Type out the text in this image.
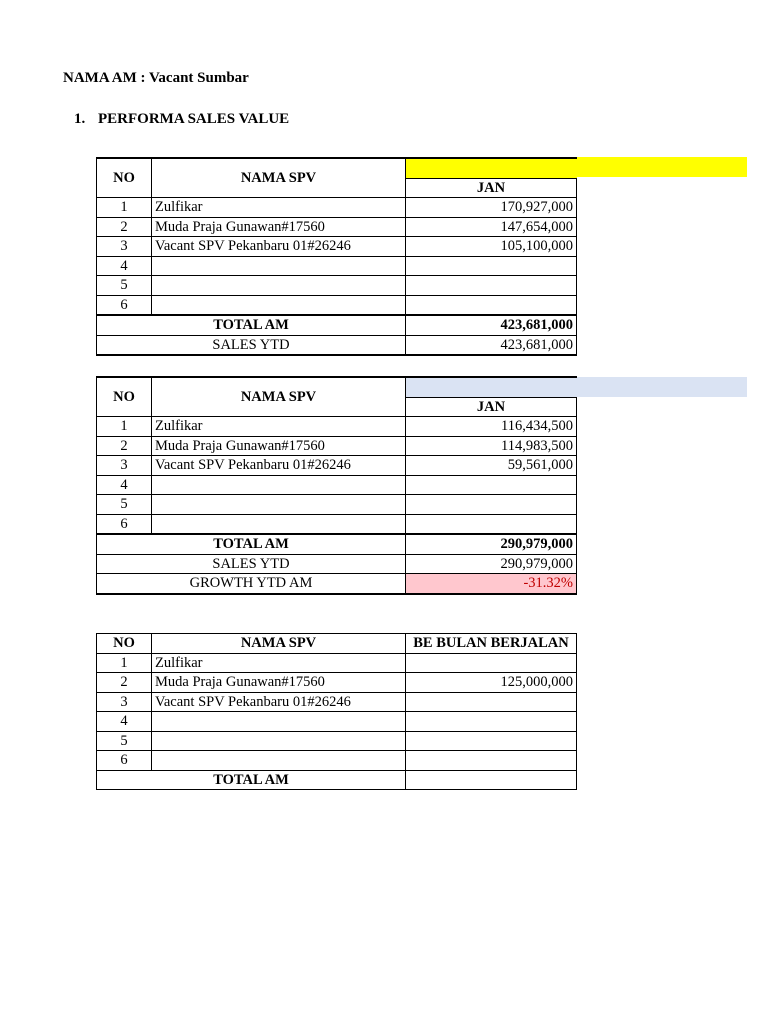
NAMA AM : Vacant Sumbar
1. PERFORMA SALES VALUE
NO	NAMA SPV	
		JAN
1	Zulfikar	170,927,000
2	Muda Praja Gunawan#17560	147,654,000
3	Vacant SPV Pekanbaru 01#26246	105,100,000
4		
5		
6		
TOTAL AM		423,681,000
SALES YTD		423,681,000
NO	NAMA SPV	
		JAN
1	Zulfikar	116,434,500
2	Muda Praja Gunawan#17560	114,983,500
3	Vacant SPV Pekanbaru 01#26246	59,561,000
4		
5		
6		
TOTAL AM		290,979,000
SALES YTD		290,979,000
GROWTH YTD AM		-31.32%
NO	NAMA SPV	BE BULAN BERJALAN
1	Zulfikar	
2	Muda Praja Gunawan#17560	125,000,000
3	Vacant SPV Pekanbaru 01#26246	
4		
5		
6		
TOTAL AM		
